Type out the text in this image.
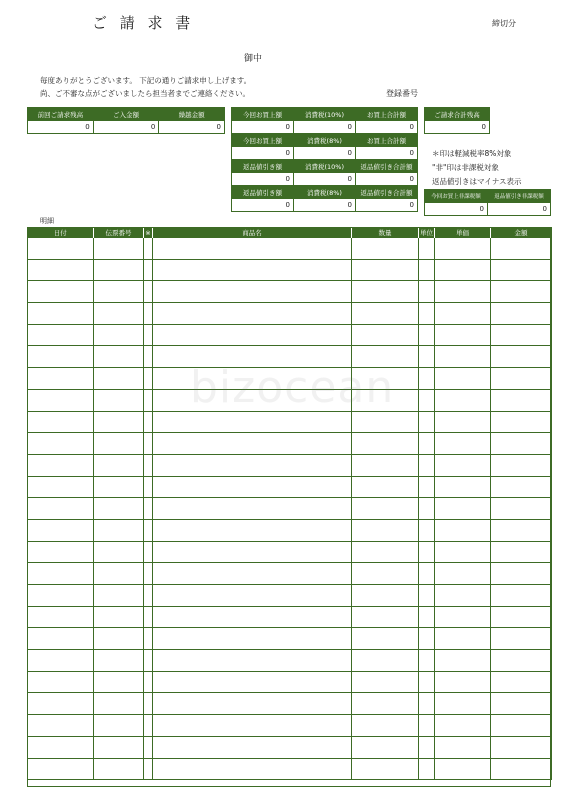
ご 請 求 書	締切分
御中
毎度ありがとうございます。 下記の通りご請求申し上げます。
尚、ご不審な点がございましたら担当者までご連絡ください。	登録番号
前回ご請求残高	ご入金額	繰越金額
0	0	0
今回お買上額	消費税(10%)	お買上合計額
0	0	0
今回お買上額	消費税(8%)	お買上合計額
0	0	0
返品値引き額	消費税(10%)	返品値引き合計額
0	0	0
返品値引き額	消費税(8%)	返品値引き合計額
0	0	0
ご請求合計残高
0
＊印は軽減税率8%対象
"非"印は非課税対象
返品値引きはマイナス表示
今回お買上非課税額	返品値引き非課税額
0	0
明細
日付	伝票番号	※	商品名	数量	単位	単価	金額

bizocean
